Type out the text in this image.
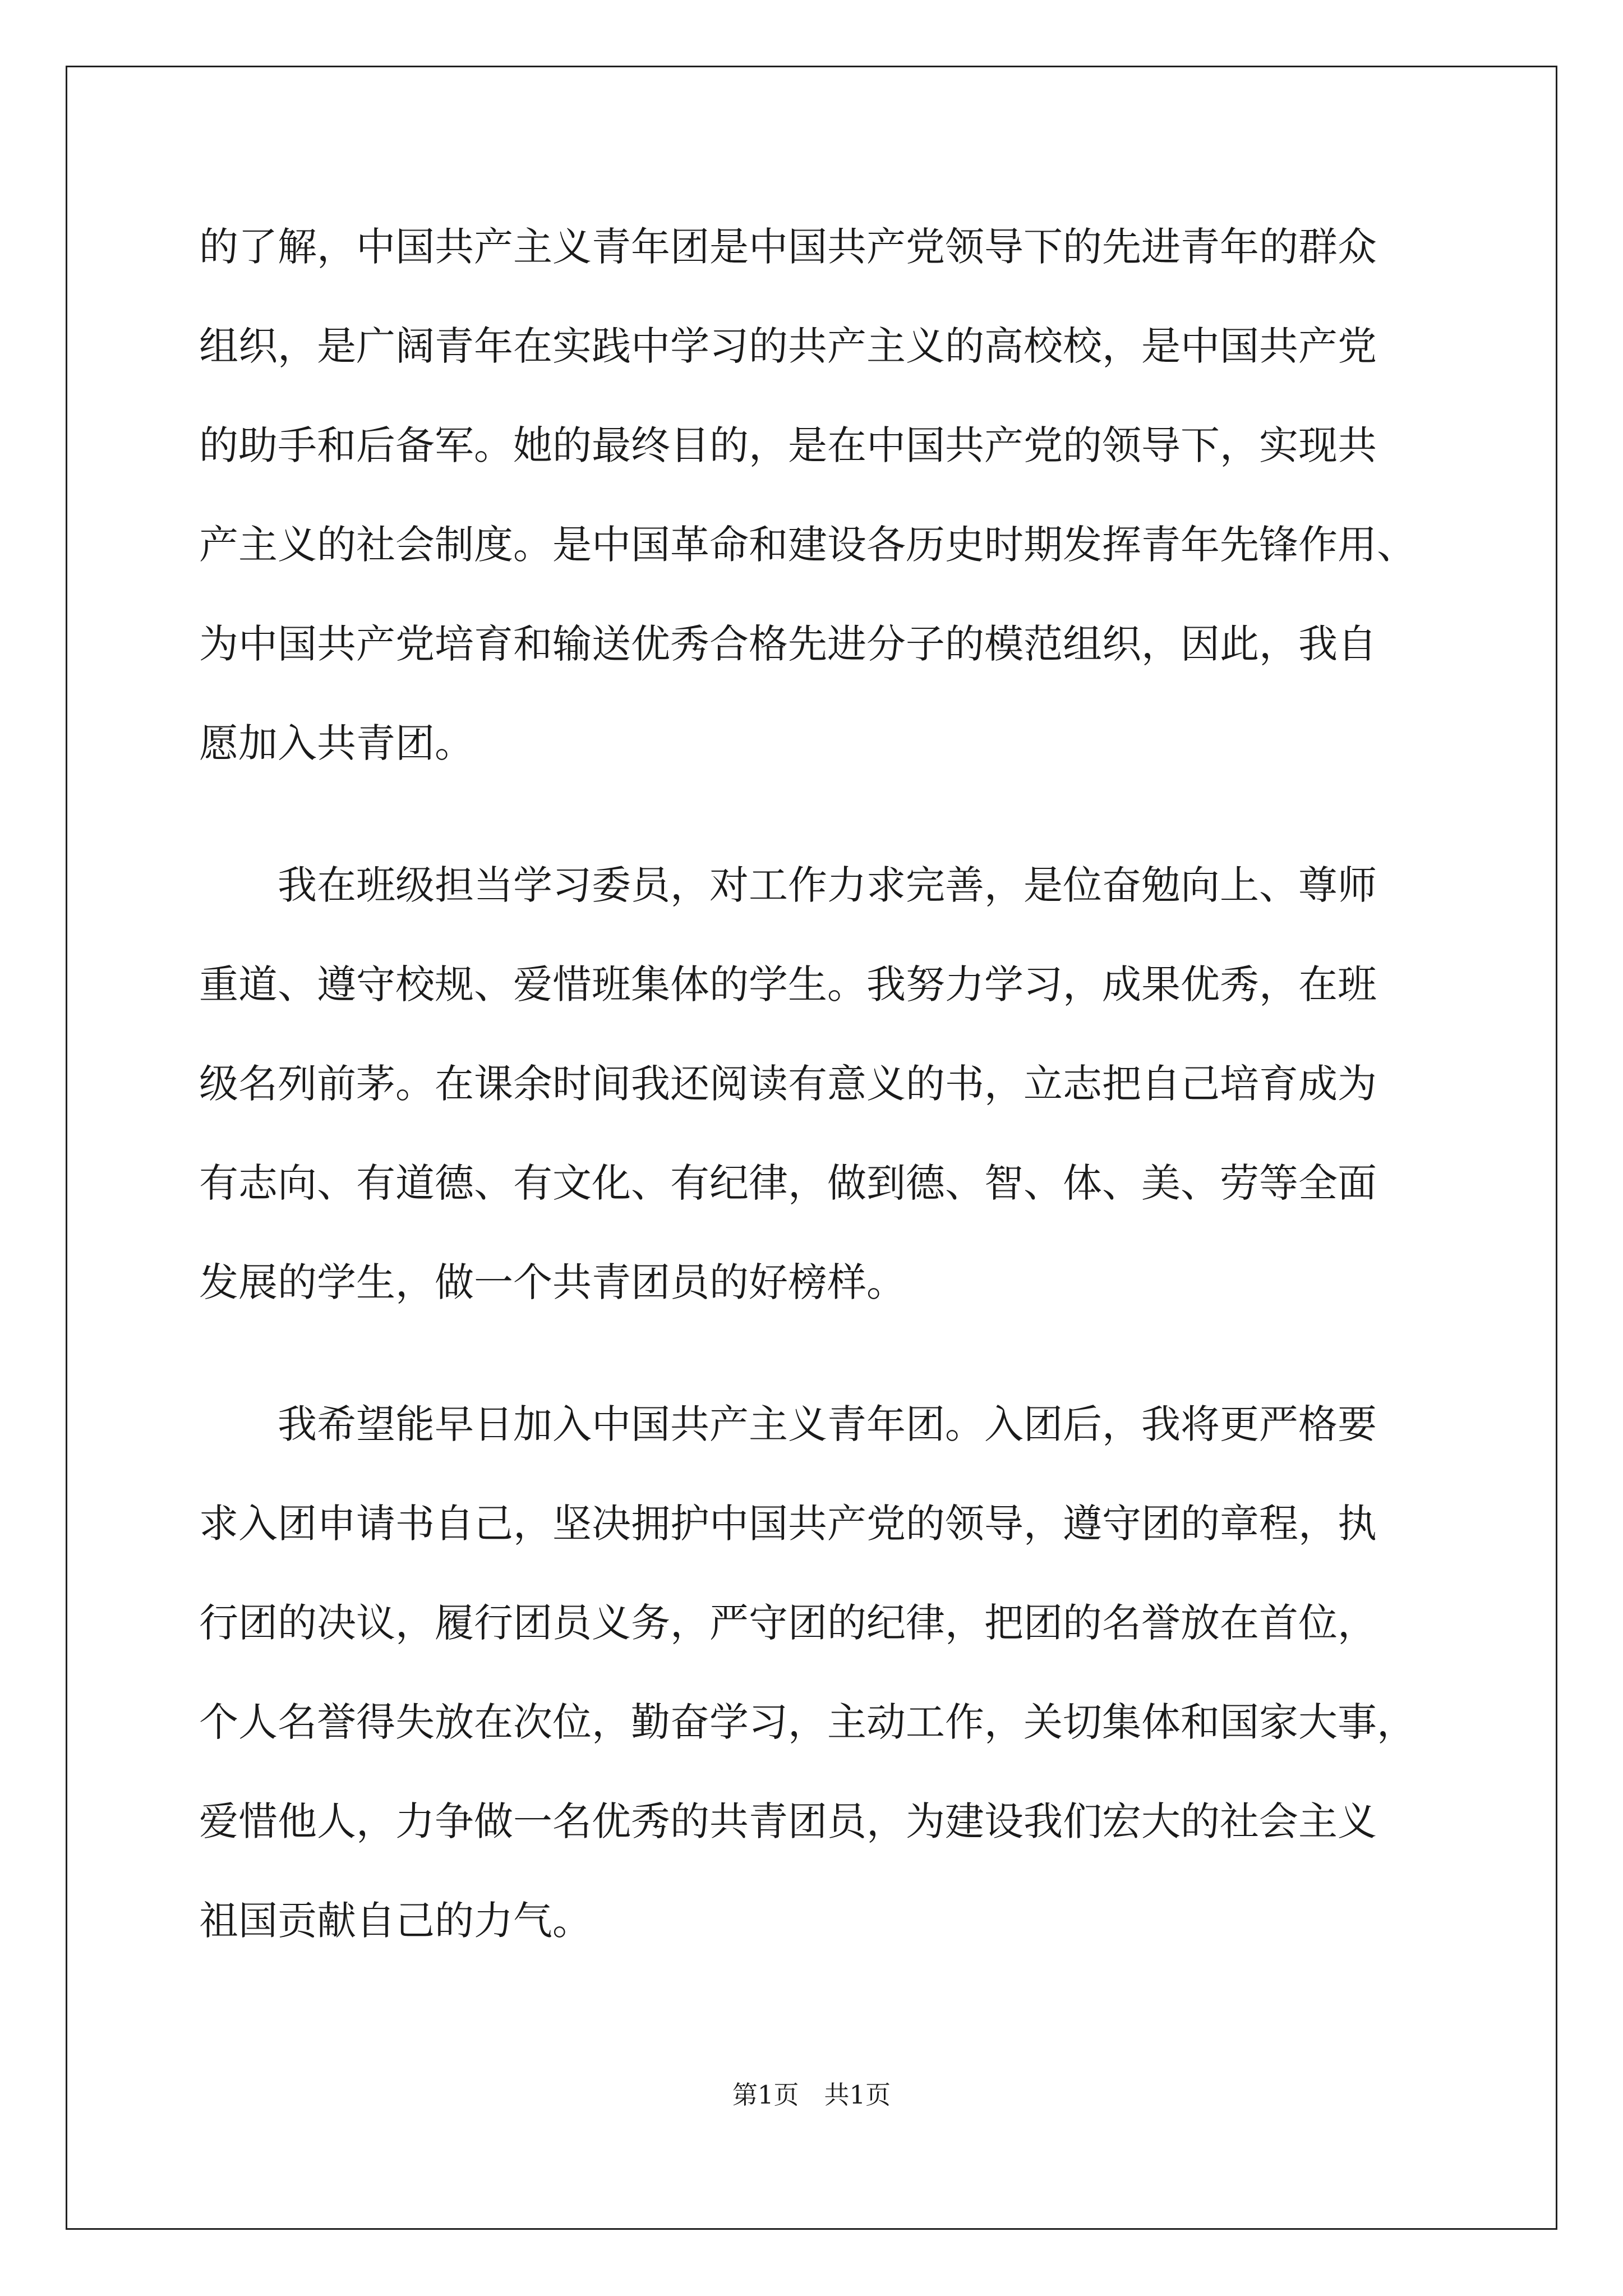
的了解，中国共产主义青年团是中国共产党领导下的先进青年的群众
组织，是广阔青年在实践中学习的共产主义的高校校，是中国共产党
的助手和后备军。她的最终目的，是在中国共产党的领导下，实现共
产主义的社会制度。是中国革命和建设各历史时期发挥青年先锋作用、
为中国共产党培育和输送优秀合格先进分子的模范组织，因此，我自
愿加入共青团。
　　我在班级担当学习委员，对工作力求完善，是位奋勉向上、尊师
重道、遵守校规、爱惜班集体的学生。我努力学习，成果优秀，在班
级名列前茅。在课余时间我还阅读有意义的书，立志把自己培育成为
有志向、有道德、有文化、有纪律，做到德、智、体、美、劳等全面
发展的学生，做一个共青团员的好榜样。
　　我希望能早日加入中国共产主义青年团。入团后，我将更严格要
求入团申请书自己，坚决拥护中国共产党的领导，遵守团的章程，执
行团的决议，履行团员义务，严守团的纪律，把团的名誉放在首位，
个人名誉得失放在次位，勤奋学习，主动工作，关切集体和国家大事，
爱惜他人，力争做一名优秀的共青团员，为建设我们宏大的社会主义
祖国贡献自己的力气。
第1页　共1页
